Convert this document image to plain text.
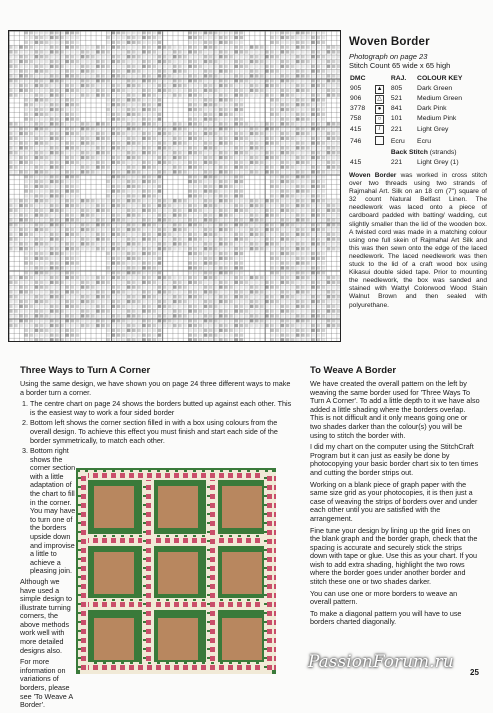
Woven Border
Photograph on page 23
Stitch Count 65 wide x 65 high
DMC		RAJ.	COLOUR KEY
905	▲	805	Dark Green
906	△	521	Medium Green
3778	●	841	Dark Pink
758	○	101	Medium Pink
415	/	221	Light Grey
746		Ecru	Ecru
		Back Stitch (strands)	
415		221	Light Grey (1)
Woven Border was worked in cross stitch over two threads using two strands of Rajmahal Art. Silk on an 18 cm (7") square of 32 count Natural Belfast Linen. The needlework was laced onto a piece of cardboard padded with batting/ wadding, cut slightly smaller than the lid of the wooden box. A twisted cord was made in a matching colour using one full skein of Rajmahal Art Silk and this was then sewn onto the edge of the laced needlework. The laced needlework was then stuck to the lid of a craft wood box using Kikasui double sided tape. Prior to mounting the needlework, the box was sanded and stained with Wattyl Colorwood Wood Stain Walnut Brown and then sealed with polyurethane.
Three Ways to Turn A Corner

Using the same design, we have shown you on page 24 three different ways to make a border turn a corner.

1. The centre chart on page 24 shows the borders butted up against each other. This is the easiest way to work a four sided border
2. Bottom left shows the corner section filled in with a box using colours from the overall design. To achieve this effect you must finish and start each side of the border symmetrically, to match each other.
3. Bottom right shows the corner section with a little adaptation of the chart to fill in the corner. You may have to turn one of the borders upside down and improvise a little to achieve a pleasing join.

Although we have used a simple design to illustrate turning corners, the above methods work well with more detailed designs also.

For more information on variations of borders, please see 'To Weave A Border'.

To Weave A Border

We have created the overall pattern on the left by weaving the same border used for 'Three Ways To Turn A Corner'. To add a little depth to it we have also added a little shading where the borders overlap. This is not difficult and it only means going one or two shades darker than the colour(s) you will be using to stitch the border with.

I did my chart on the computer using the StitchCraft Program but it can just as easily be done by photocopying your basic border chart six to ten times and cutting the border strips out.

Working on a blank piece of graph paper with the same size grid as your photocopies, it is then just a case of weaving the strips of borders over and under each other until you are satisfied with the arrangement.

Fine tune your design by lining up the grid lines on the blank graph and the border graph, check that the spacing is accurate and securely stick the strips down with tape or glue. Use this as your chart. If you wish to add extra shading, highlight the two rows where the border goes under another border and stitch these one or two shades darker.

You can use one or more borders to weave an overall pattern.

To make a diagonal pattern you will have to use borders charted diagonally.

PassionForum.ru
25
